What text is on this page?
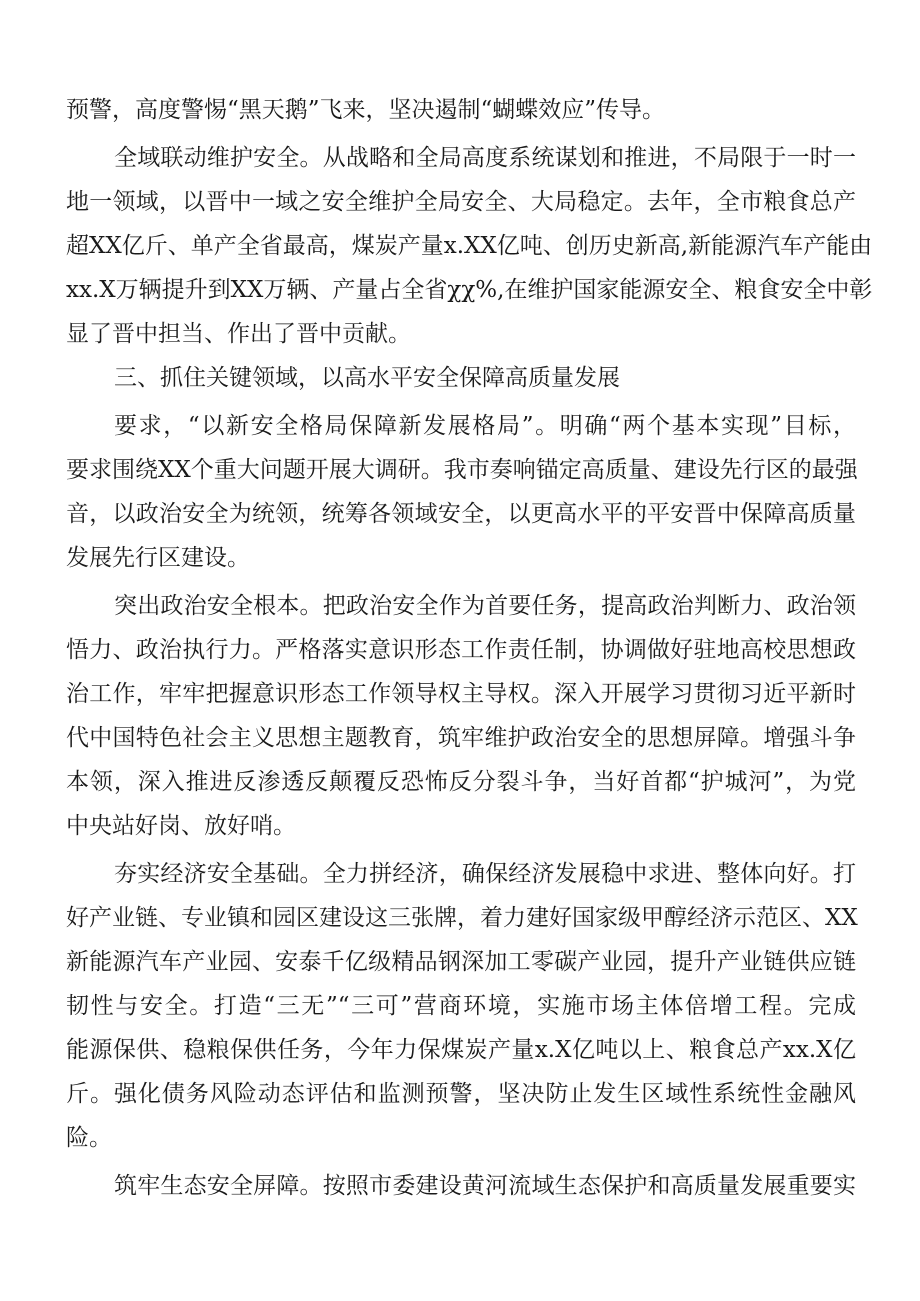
预警，高度警惕“黑天鹅”飞来，坚决遏制“蝴蝶效应”传导。
全域联动维护安全。从战略和全局高度系统谋划和推进，不局限于一时一
地一领域，以晋中一域之安全维护全局安全、大局稳定。去年，全市粮食总产
超XX亿斤、单产全省最高，煤炭产量x.XX亿吨、创历史新高,新能源汽车产能由
xx.X万辆提升到XX万辆、产量占全省χχ%,在维护国家能源安全、粮食安全中彰
显了晋中担当、作出了晋中贡献。
三、抓住关键领域，以高水平安全保障高质量发展
要求，“以新安全格局保障新发展格局”。明确“两个基本实现”目标，
要求围绕XX个重大问题开展大调研。我市奏响锚定高质量、建设先行区的最强
音，以政治安全为统领，统筹各领域安全，以更高水平的平安晋中保障高质量
发展先行区建设。
突出政治安全根本。把政治安全作为首要任务，提高政治判断力、政治领
悟力、政治执行力。严格落实意识形态工作责任制，协调做好驻地高校思想政
治工作，牢牢把握意识形态工作领导权主导权。深入开展学习贯彻习近平新时
代中国特色社会主义思想主题教育，筑牢维护政治安全的思想屏障。增强斗争
本领，深入推进反渗透反颠覆反恐怖反分裂斗争，当好首都“护城河”，为党
中央站好岗、放好哨。
夯实经济安全基础。全力拼经济，确保经济发展稳中求进、整体向好。打
好产业链、专业镇和园区建设这三张牌，着力建好国家级甲醇经济示范区、XX
新能源汽车产业园、安泰千亿级精品钢深加工零碳产业园，提升产业链供应链
韧性与安全。打造“三无”“三可”营商环境，实施市场主体倍增工程。完成
能源保供、稳粮保供任务，今年力保煤炭产量x.X亿吨以上、粮食总产xx.X亿
斤。强化债务风险动态评估和监测预警，坚决防止发生区域性系统性金融风
险。
筑牢生态安全屏障。按照市委建设黄河流域生态保护和高质量发展重要实
